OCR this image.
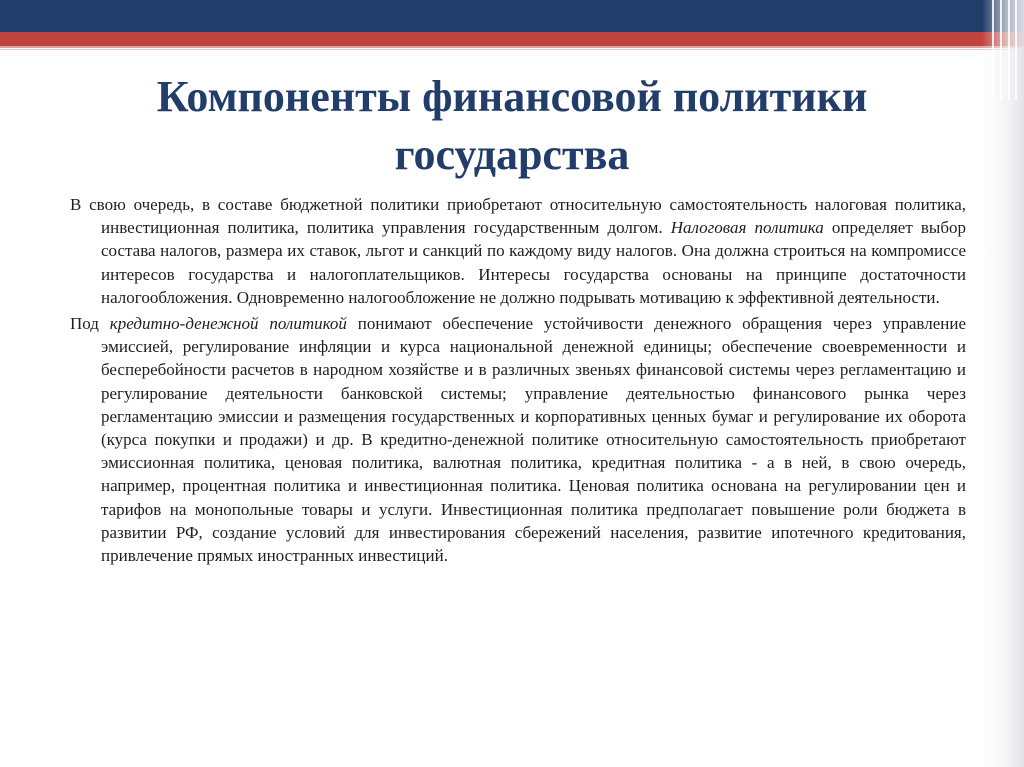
Компоненты финансовой политики
государства

В свою очередь, в составе бюджетной политики приобретают относительную самостоятельность налоговая политика, инвестиционная политика, политика управления государственным долгом. Налоговая политика определяет выбор состава налогов, размера их ставок, льгот и санкций по каждому виду налогов. Она должна строиться на компромиссе интересов государства и налогоплательщиков. Интересы государства основаны на принципе достаточности налогообложения. Одновременно налогообложение не должно подрывать мотивацию к эффективной деятельности.

Под кредитно-денежной политикой понимают обеспечение устойчивости денежного обращения через управление эмиссией, регулирование инфляции и курса национальной денежной единицы; обеспечение своевременности и бесперебойности расчетов в народном хозяйстве и в различных звеньях финансовой системы через регламентацию и регулирование деятельности банковской системы; управление деятельностью финансового рынка через регламентацию эмиссии и размещения государственных и корпоративных ценных бумаг и регулирование их оборота (курса покупки и продажи) и др. В кредитно-денежной политике относительную самостоятельность приобретают эмиссионная политика, ценовая политика, валютная политика, кредитная политика - а в ней, в свою очередь, например, процентная политика и инвестиционная политика. Ценовая политика основана на регулировании цен и тарифов на монопольные товары и услуги. Инвестиционная политика предполагает повышение роли бюджета в развитии РФ, создание условий для инвестирования сбережений населения, развитие ипотечного кредитования, привлечение прямых иностранных инвестиций.
